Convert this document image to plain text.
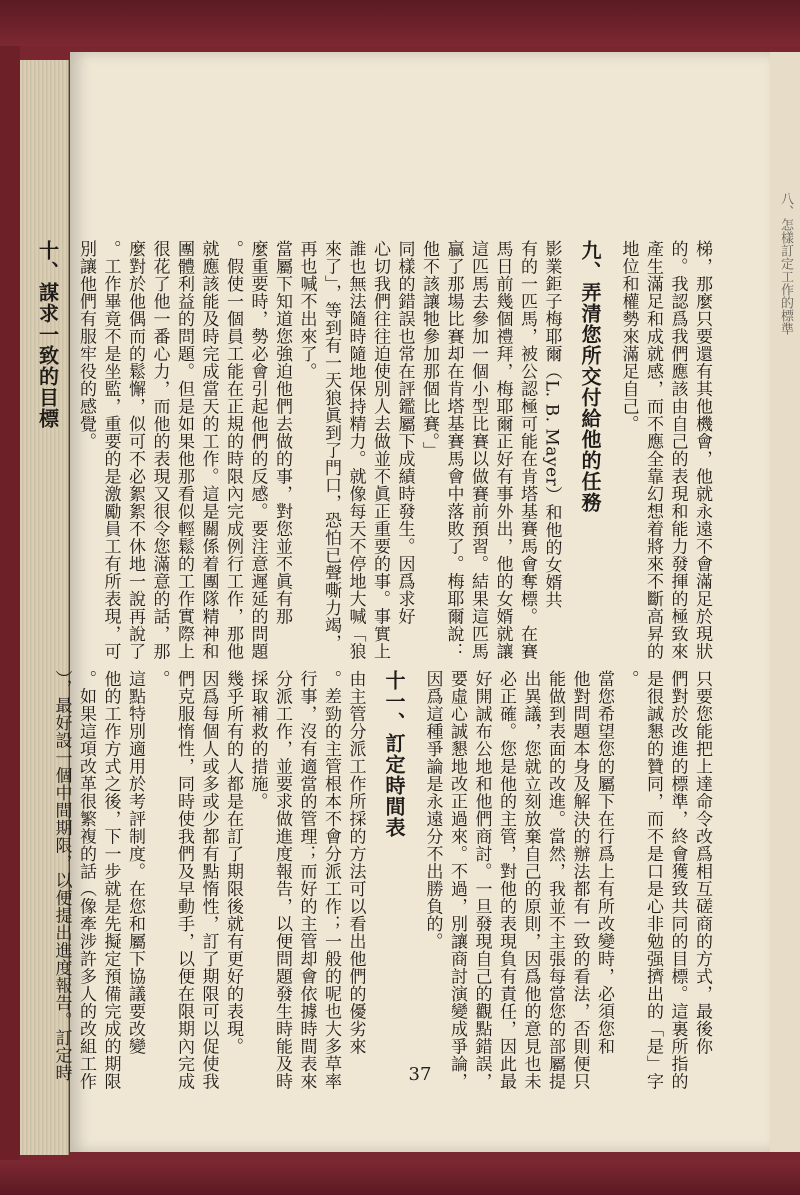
八、怎樣訂定工作的標準
梯，那麼只要還有其他機會，他就永遠不會滿足於現狀
的。我認爲我們應該由自己的表現和能力發揮的極致來
產生滿足和成就感，而不應全靠幻想着將來不斷高昇的
地位和權勢來滿足自己。
九、弄清您所交付給他的任務
影業鉅子梅耶爾（L. B. Mayer）和他的女婿共
有的一匹馬，被公認極可能在肯塔基賽馬會奪標。在賽
馬日前幾個禮拜，梅耶爾正好有事外出，他的女婿就讓
這匹馬去參加一個小型比賽以做賽前預習。結果這匹馬
贏了那場比賽却在肯塔基賽馬會中落敗了。梅耶爾說：「
他不該讓牠參加那個比賽。」
同樣的錯誤也常在評鑑屬下成績時發生。因爲求好
心切我們往往迫使別人去做並不眞正重要的事。事實上
誰也無法隨時隨地保持精力。就像每天不停地大喊「狼
來了」，等到有一天狼眞到了門口，恐怕已聲嘶力竭，
再也喊不出來了。
當屬下知道您強迫他們去做的事，對您並不眞有那
麼重要時，勢必會引起他們的反感。要注意遲延的問題
。假使一個員工能在正規的時限內完成例行工作，那他
就應該能及時完成當天的工作。這是關係着團隊精神和
團體利益的問題。但是如果他那看似輕鬆的工作實際上
很花了他一番心力，而他的表現又很令您滿意的話，那
麼對於他偶而的鬆懈，似可不必絮絮不休地一說再說了
。工作畢竟不是坐監，重要的是激勵員工有所表現，可
別讓他們有服牢役的感覺。
十、謀求一致的目標
只要您能把上達命令改爲相互磋商的方式，最後你
們對於改進的標準，終會獲致共同的目標。這裏所指的
是很誠懇的贊同，而不是口是心非勉强擠出的「是」字
。
當您希望您的屬下在行爲上有所改變時，必須您和
他對問題本身及解決的辦法都有一致的看法，否則便只
能做到表面的改進。當然，我並不主張每當您的部屬提
出異議，您就立刻放棄自己的原則，因爲他的意見也未
必正確。您是他的主管，對他的表現負有責任，因此最
好開誠布公地和他們商討。一旦發現自己的觀點錯誤，
要虛心誠懇地改正過來。不過，別讓商討演變成爭論，
因爲這種爭論是永遠分不出勝負的。
十一、訂定時間表
由主管分派工作所採的方法可以看出他們的優劣來
。差勁的主管根本不會分派工作；一般的呢也大多草率
行事，沒有適當的管理；而好的主管却會依據時間表來
分派工作，並要求做進度報告，以便問題發生時能及時
採取補救的措施。
幾乎所有的人都是在訂了期限後就有更好的表現。
因爲每個人或多或少都有點惰性，訂了期限可以促使我
們克服惰性，同時使我們及早動手，以便在限期內完成
。
這點特別適用於考評制度。在您和屬下協議要改變
他的工作方式之後，下一步就是先擬定預備完成的期限
。如果這項改革很繁複的話（像牽涉許多人的改組工作
），最好設一個中間期限，以便提出進度報告。訂定時	37
